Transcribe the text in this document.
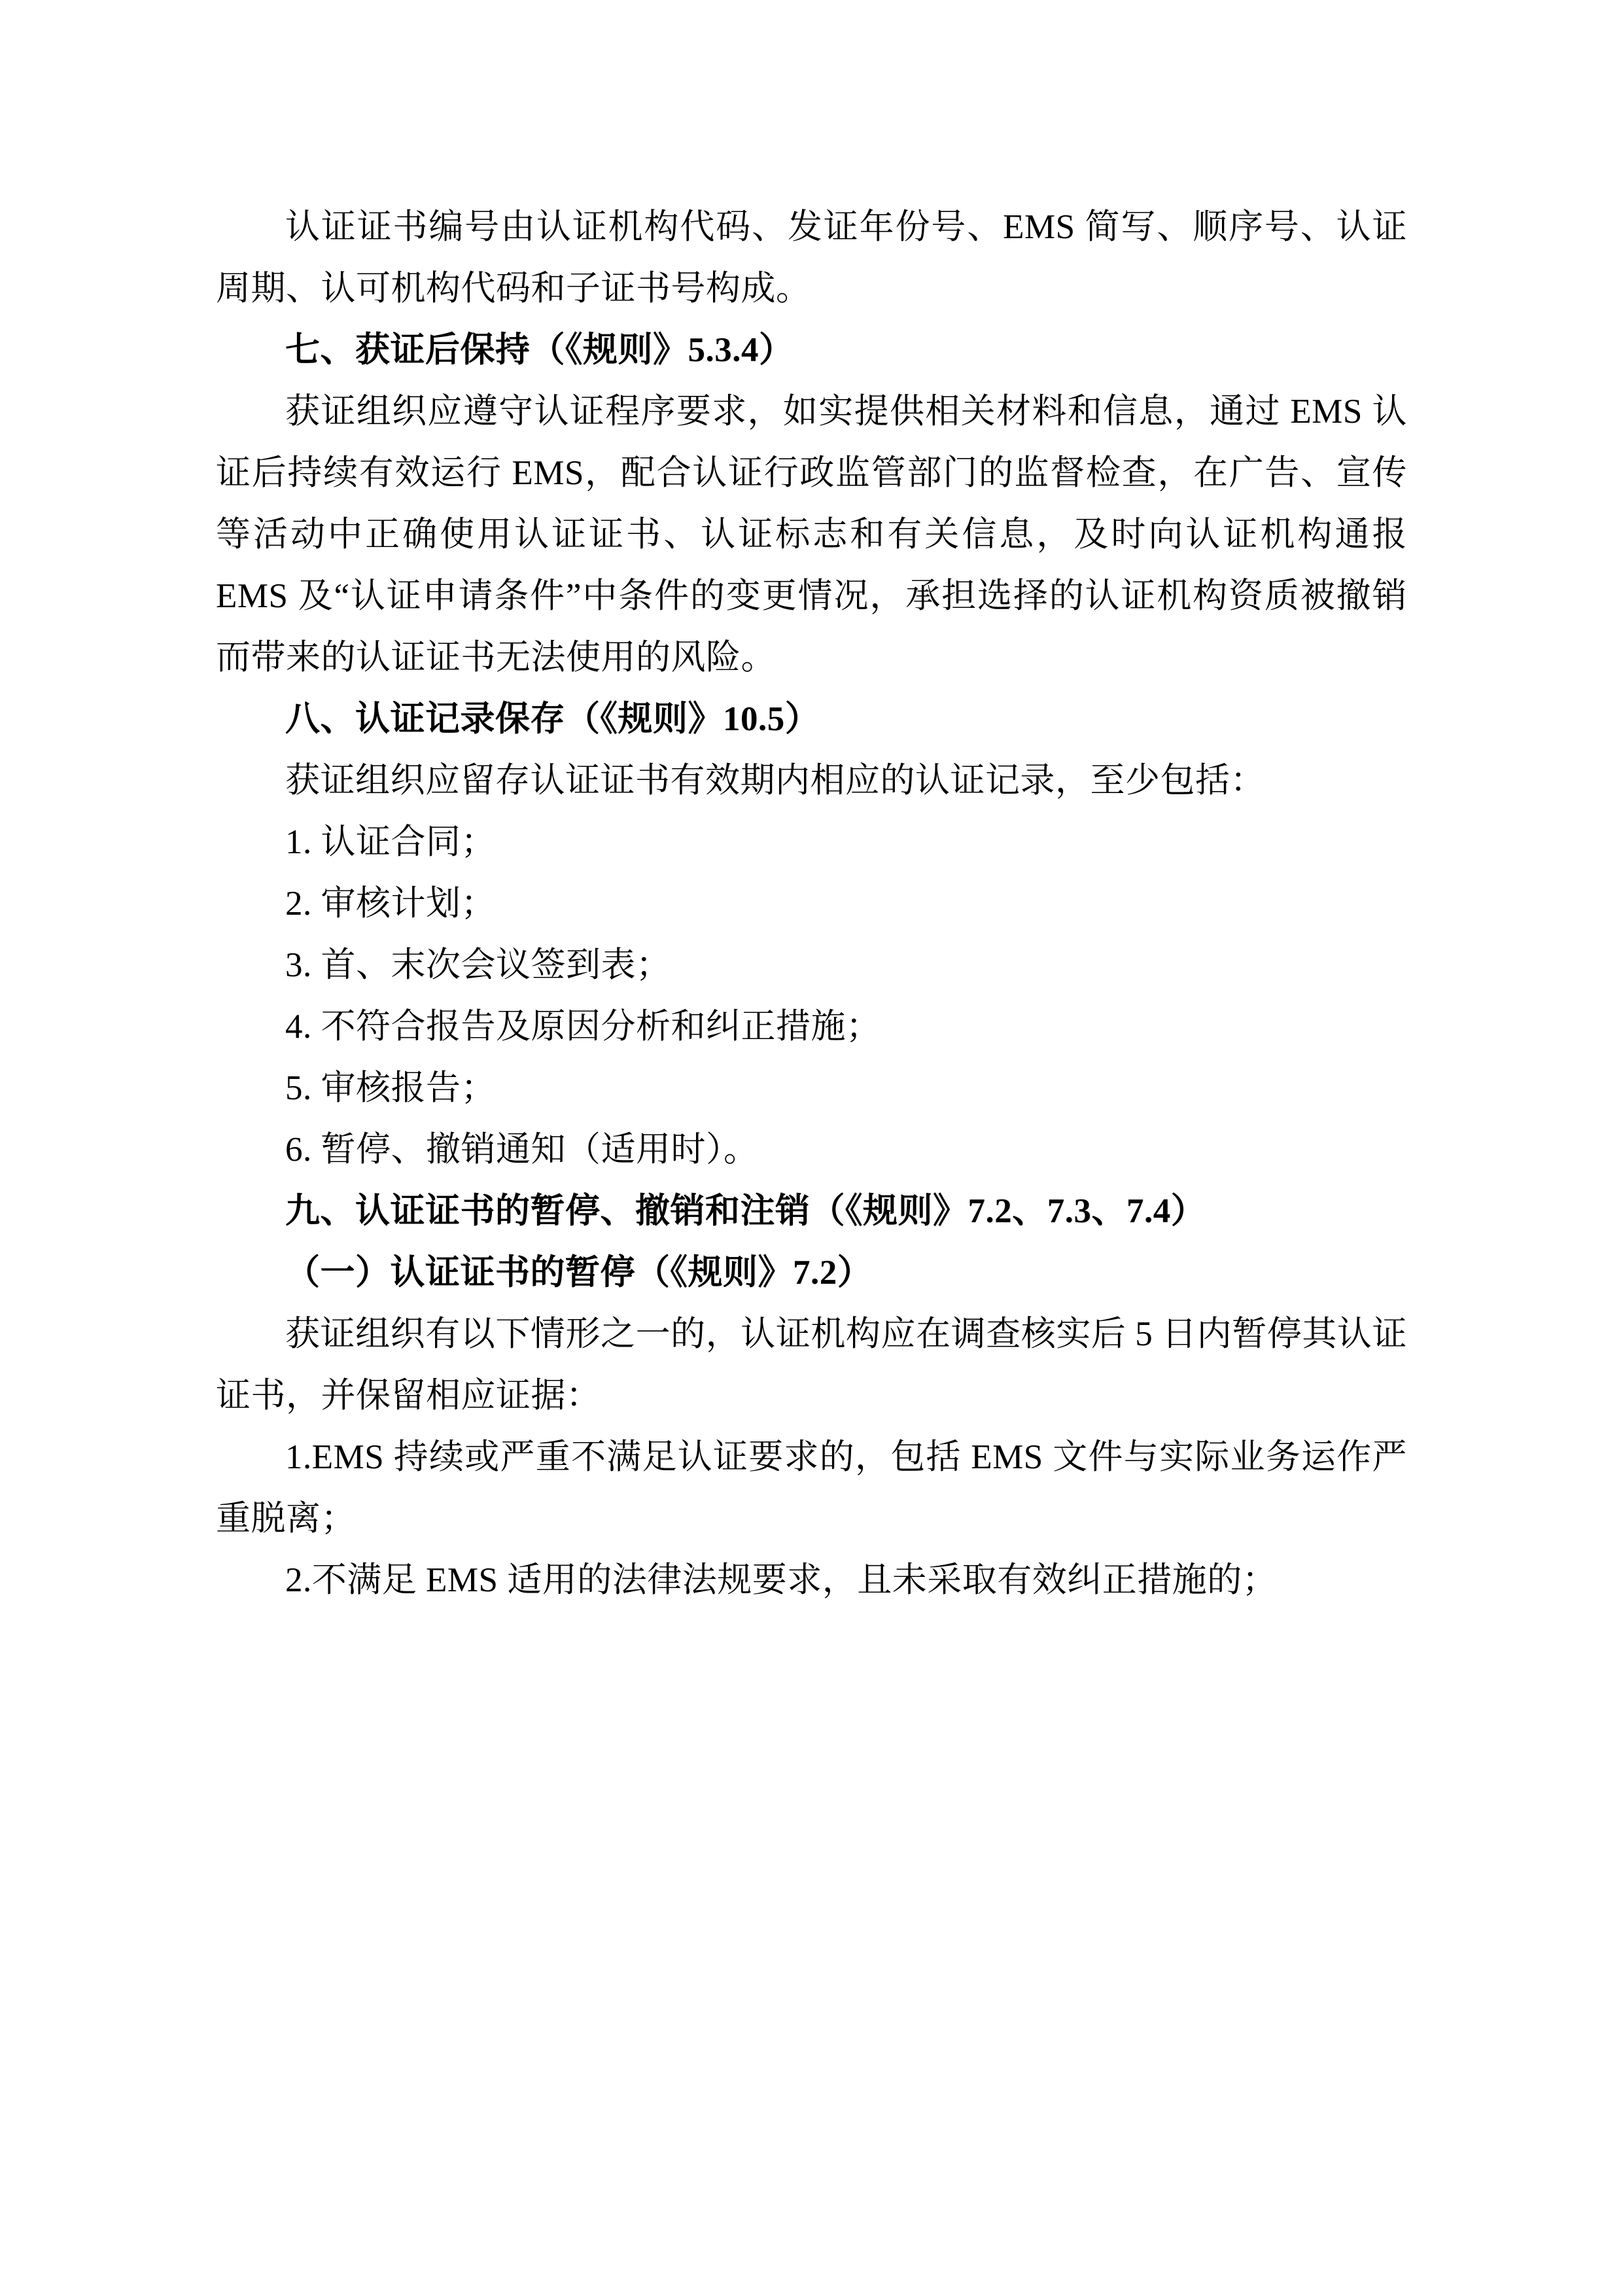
认证证书编号由认证机构代码、发证年份号、EMS 简写、顺序号、认证周期、认可机构代码和子证书号构成。

七、获证后保持（《规则》5.3.4）

获证组织应遵守认证程序要求，如实提供相关材料和信息，通过 EMS 认证后持续有效运行 EMS，配合认证行政监管部门的监督检查，在广告、宣传等活动中正确使用认证证书、认证标志和有关信息，及时向认证机构通报 EMS 及“认证申请条件”中条件的变更情况，承担选择的认证机构资质被撤销而带来的认证证书无法使用的风险。

八、认证记录保存（《规则》10.5）

获证组织应留存认证证书有效期内相应的认证记录，至少包括：

1. 认证合同；

2. 审核计划；

3. 首、末次会议签到表；

4. 不符合报告及原因分析和纠正措施；

5. 审核报告；

6. 暂停、撤销通知（适用时）。

九、认证证书的暂停、撤销和注销（《规则》7.2、7.3、7.4）

（一）认证证书的暂停（《规则》7.2）

获证组织有以下情形之一的，认证机构应在调查核实后 5 日内暂停其认证证书，并保留相应证据：

1.EMS 持续或严重不满足认证要求的，包括 EMS 文件与实际业务运作严重脱离；

2.不满足 EMS 适用的法律法规要求，且未采取有效纠正措施的；
